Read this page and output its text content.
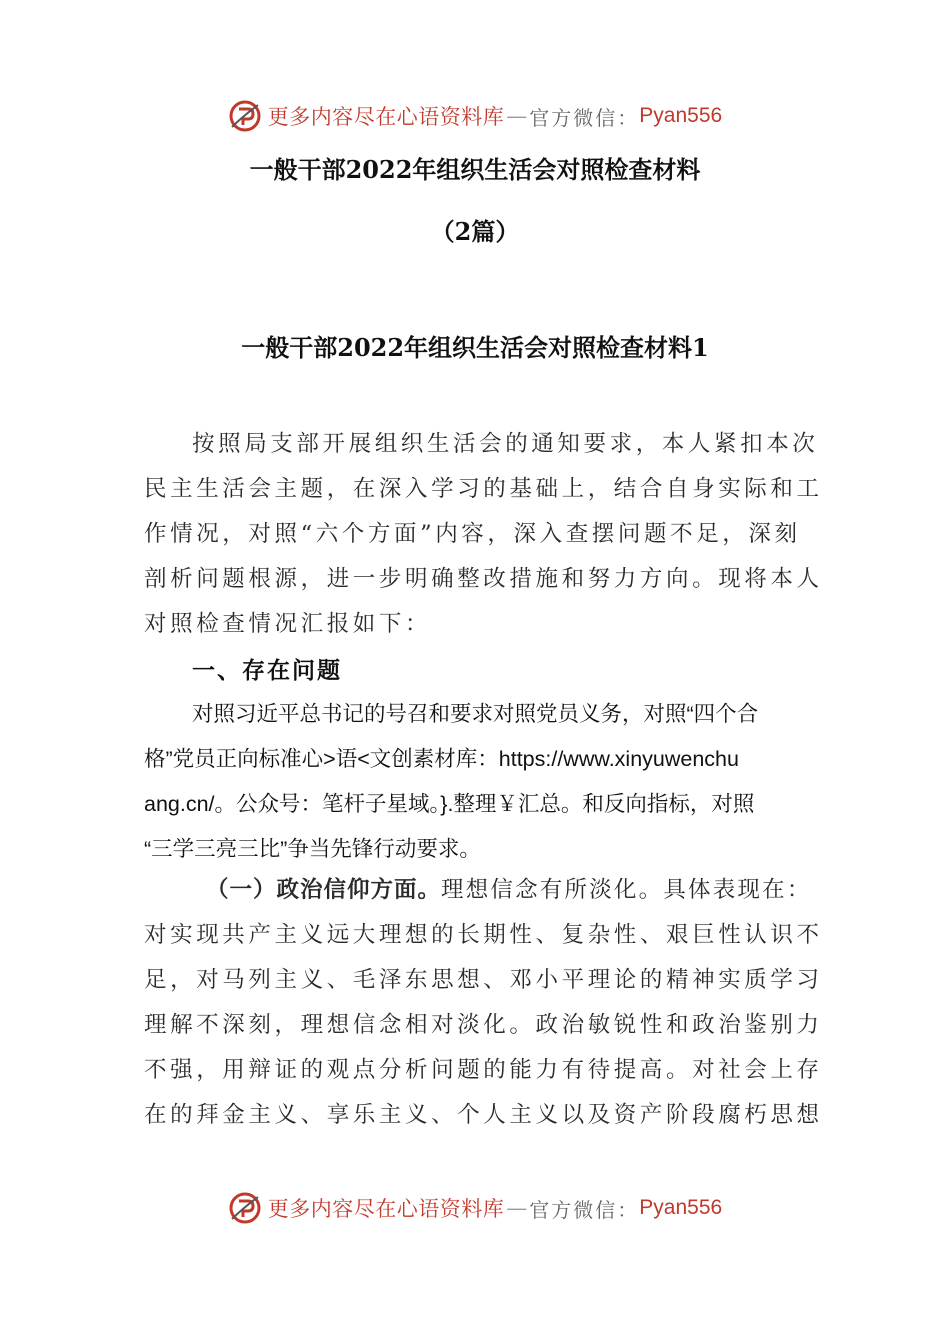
更多内容尽在心语资料库 — 官方微信： Pyan556
一般干部2022年组织生活会对照检查材料
（2篇）
一般干部2022年组织生活会对照检查材料1

按照局支部开展组织生活会的通知要求，本人紧扣本次

民主生活会主题，在深入学习的基础上，结合自身实际和工

作情况，对照“六个方面”内容，深入查摆问题不足，深刻

剖析问题根源，进一步明确整改措施和努力方向。现将本人

对照检查情况汇报如下：

一、存在问题

对照习近平总书记的号召和要求对照党员义务，对照“四个合

格”党员正向标准心>语<文创素材库：https://www.xinyuwenchu

ang.cn/。公众号：笔杆子星域。}.整理￥汇总。和反向指标，对照

“三学三亮三比”争当先锋行动要求。

（一）政治信仰方面。理想信念有所淡化。具体表现在：

对实现共产主义远大理想的长期性、复杂性、艰巨性认识不

足，对马列主义、毛泽东思想、邓小平理论的精神实质学习

理解不深刻，理想信念相对淡化。政治敏锐性和政治鉴别力

不强，用辩证的观点分析问题的能力有待提高。对社会上存

在的拜金主义、享乐主义、个人主义以及资产阶段腐朽思想

更多内容尽在心语资料库 — 官方微信： Pyan556
